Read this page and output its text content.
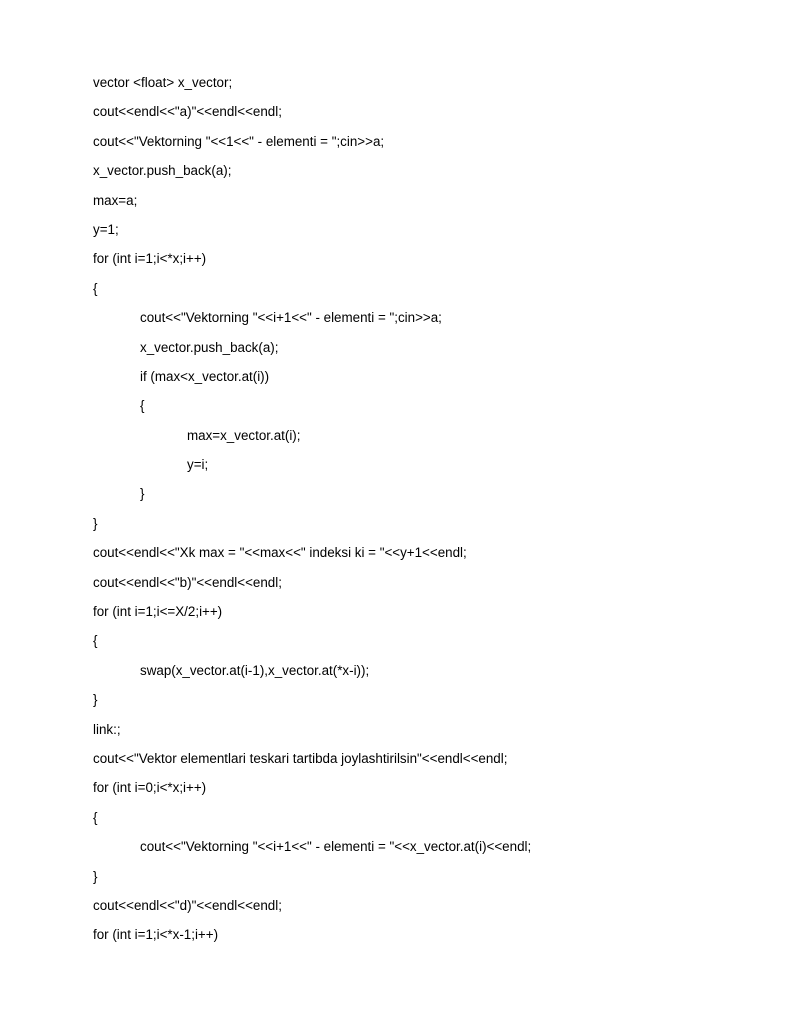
vector <float> x_vector;
cout<<endl<<"a)"<<endl<<endl;
cout<<"Vektorning "<<1<<" - elementi = ";cin>>a;
x_vector.push_back(a);
max=a;
y=1;
for (int i=1;i<*x;i++)
{
cout<<"Vektorning "<<i+1<<" - elementi = ";cin>>a;
x_vector.push_back(a);
if (max<x_vector.at(i))
{
max=x_vector.at(i);
y=i;
}
}
cout<<endl<<"Xk max = "<<max<<" indeksi ki = "<<y+1<<endl;
cout<<endl<<"b)"<<endl<<endl;
for (int i=1;i<=X/2;i++)
{
swap(x_vector.at(i-1),x_vector.at(*x-i));
}
link:;
cout<<"Vektor elementlari teskari tartibda joylashtirilsin"<<endl<<endl;
for (int i=0;i<*x;i++)
{
cout<<"Vektorning "<<i+1<<" - elementi = "<<x_vector.at(i)<<endl;
}
cout<<endl<<"d)"<<endl<<endl;
for (int i=1;i<*x-1;i++)
